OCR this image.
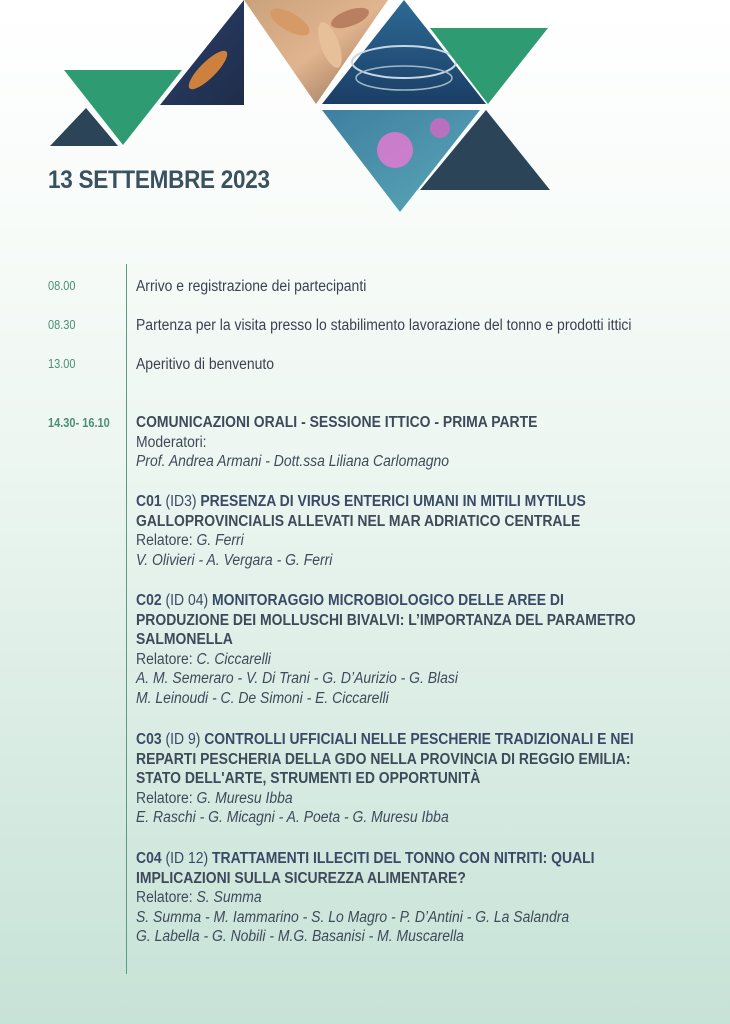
13 SETTEMBRE 2023
08.00	Arrivo e registrazione dei partecipanti
08.30	Partenza per la visita presso lo stabilimento lavorazione del tonno e prodotti ittici
13.00	Aperitivo di benvenuto
14.30- 16.10 COMUNICAZIONI ORALI - SESSIONE ITTICO - PRIMA PARTE
Moderatori:
Prof. Andrea Armani - Dott.ssa Liliana Carlomagno
C01 (ID3) PRESENZA DI VIRUS ENTERICI UMANI IN MITILI MYTILUS
GALLOPROVINCIALIS ALLEVATI NEL MAR ADRIATICO CENTRALE
Relatore: G. Ferri
V. Olivieri - A. Vergara - G. Ferri
C02 (ID 04) MONITORAGGIO MICROBIOLOGICO DELLE AREE DI
PRODUZIONE DEI MOLLUSCHI BIVALVI: L’IMPORTANZA DEL PARAMETRO
SALMONELLA
Relatore: C. Ciccarelli
A. M. Semeraro - V. Di Trani - G. D’Aurizio - G. Blasi
M. Leinoudi - C. De Simoni - E. Ciccarelli
C03 (ID 9) CONTROLLI UFFICIALI NELLE PESCHERIE TRADIZIONALI E NEI
REPARTI PESCHERIA DELLA GDO NELLA PROVINCIA DI REGGIO EMILIA:
STATO DELL'ARTE, STRUMENTI ED OPPORTUNITÀ
Relatore: G. Muresu Ibba
E. Raschi - G. Micagni - A. Poeta - G. Muresu Ibba
C04 (ID 12) TRATTAMENTI ILLECITI DEL TONNO CON NITRITI: QUALI
IMPLICAZIONI SULLA SICUREZZA ALIMENTARE?
Relatore: S. Summa
S. Summa - M. Iammarino - S. Lo Magro - P. D’Antini - G. La Salandra
G. Labella - G. Nobili - M.G. Basanisi - M. Muscarella
